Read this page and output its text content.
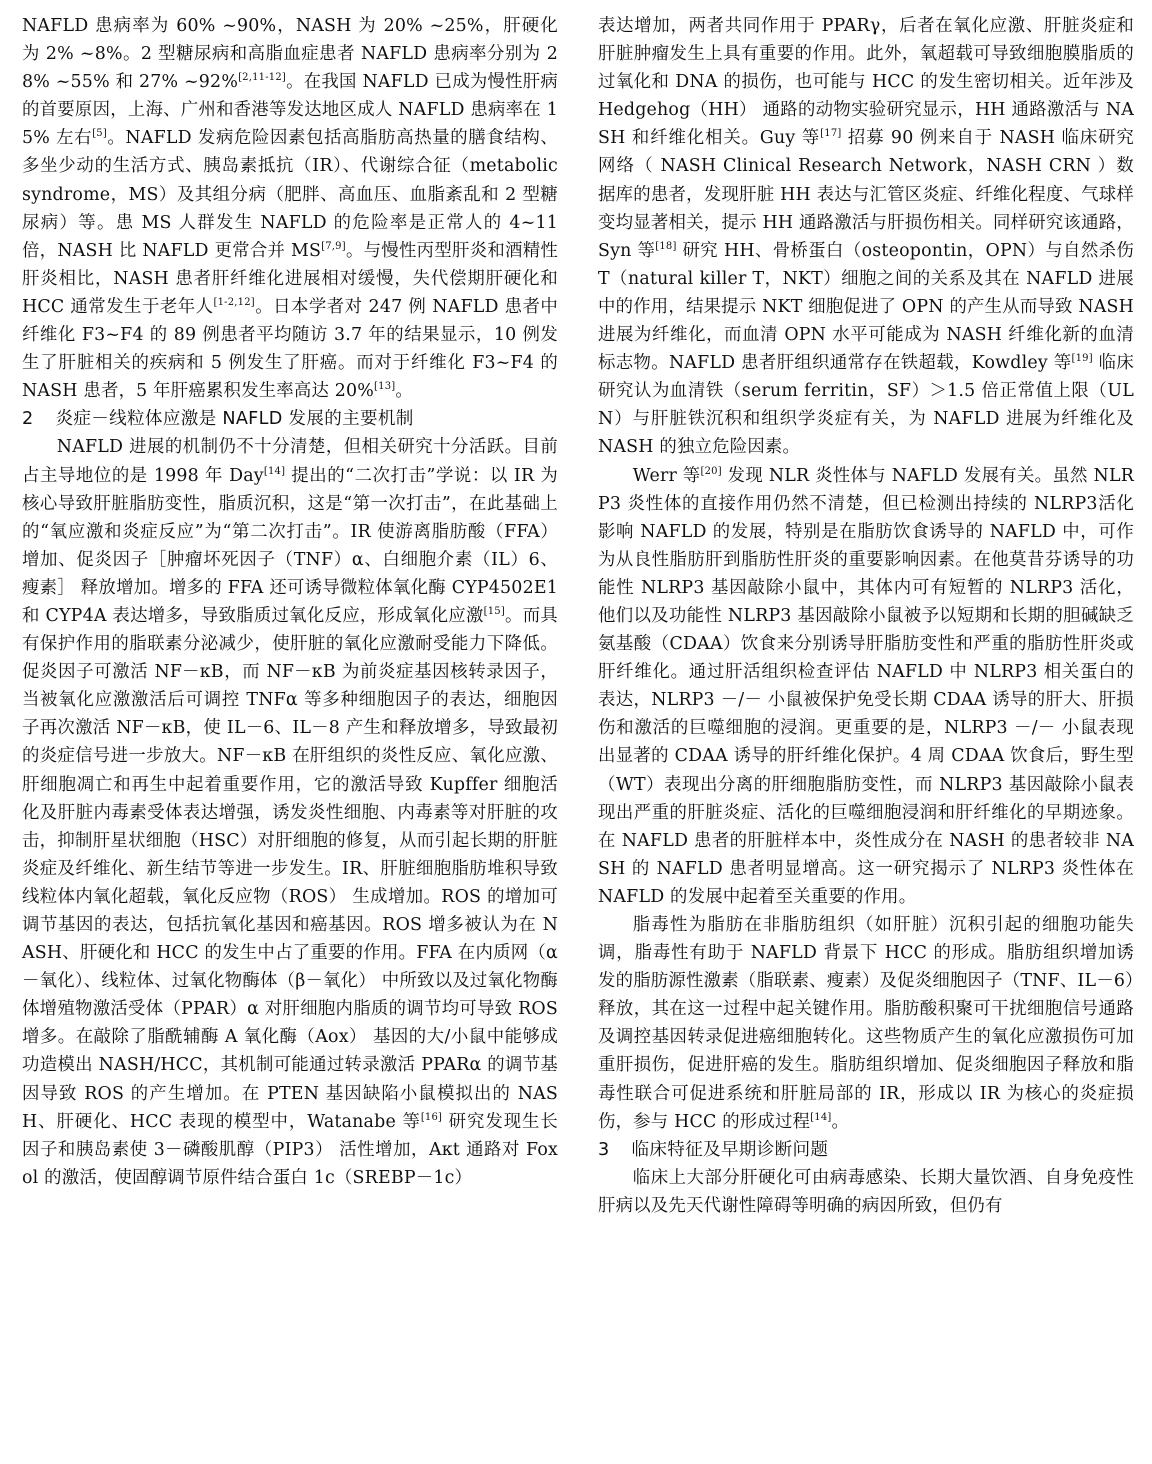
NAFLD 患病率为 60% ~90%，NASH 为 20% ~25%，肝硬化为 2% ~8%。2 型糖尿病和高脂血症患者 NAFLD 患病率分别为 28% ~55% 和 27% ~92%[2,11-12]。在我国 NAFLD 已成为慢性肝病的首要原因，上海、广州和香港等发达地区成人 NAFLD 患病率在 15% 左右[5]。NAFLD 发病危险因素包括高脂肪高热量的膳食结构、多坐少动的生活方式、胰岛素抵抗（IR）、代谢综合征（metabolic syndrome，MS）及其组分病（肥胖、高血压、血脂紊乱和 2 型糖尿病）等。患 MS 人群发生 NAFLD 的危险率是正常人的 4~11 倍，NASH 比 NAFLD 更常合并 MS[7,9]。与慢性丙型肝炎和酒精性肝炎相比，NASH 患者肝纤维化进展相对缓慢，失代偿期肝硬化和 HCC 通常发生于老年人[1-2,12]。日本学者对 247 例 NAFLD 患者中纤维化 F3~F4 的 89 例患者平均随访 3.7 年的结果显示，10 例发生了肝脏相关的疾病和 5 例发生了肝癌。而对于纤维化 F3~F4 的 NASH 患者，5 年肝癌累积发生率高达 20%[13]。

2 炎症－线粒体应激是 NAFLD 发展的主要机制

NAFLD 进展的机制仍不十分清楚，但相关研究十分活跃。目前占主导地位的是 1998 年 Day[14] 提出的“二次打击”学说：以 IR 为核心导致肝脏脂肪变性，脂质沉积，这是“第一次打击”，在此基础上的“氧应激和炎症反应”为“第二次打击”。IR 使游离脂肪酸（FFA） 增加、促炎因子［肿瘤坏死因子（TNF）α、白细胞介素（IL）6、瘦素］ 释放增加。增多的 FFA 还可诱导微粒体氧化酶 CYP4502E1 和 CYP4A 表达增多，导致脂质过氧化反应，形成氧化应激[15]。而具有保护作用的脂联素分泌减少，使肝脏的氧化应激耐受能力下降低。促炎因子可激活 NF－κB，而 NF－κB 为前炎症基因核转录因子，当被氧化应激激活后可调控 TNFα 等多种细胞因子的表达，细胞因子再次激活 NF－κB，使 IL－6、IL－8 产生和释放增多，导致最初的炎症信号进一步放大。NF－κB 在肝组织的炎性反应、氧化应激、肝细胞凋亡和再生中起着重要作用，它的激活导致 Kupffer 细胞活化及肝脏内毒素受体表达增强，诱发炎性细胞、内毒素等对肝脏的攻击，抑制肝星状细胞（HSC）对肝细胞的修复，从而引起长期的肝脏炎症及纤维化、新生结节等进一步发生。IR、肝脏细胞脂肪堆积导致线粒体内氧化超载，氧化反应物（ROS） 生成增加。ROS 的增加可调节基因的表达，包括抗氧化基因和癌基因。ROS 增多被认为在 NASH、肝硬化和 HCC 的发生中占了重要的作用。FFA 在内质网（α－氧化）、线粒体、过氧化物酶体（β－氧化） 中所致以及过氧化物酶体增殖物激活受体（PPAR）α 对肝细胞内脂质的调节均可导致 ROS 增多。在敲除了脂酰辅酶 A 氧化酶（Aox） 基因的大/小鼠中能够成功造模出 NASH/HCC，其机制可能通过转录激活 PPARα 的调节基因导致 ROS 的产生增加。在 PTEN 基因缺陷小鼠模拟出的 NASH、肝硬化、HCC 表现的模型中，Watanabe 等[16] 研究发现生长因子和胰岛素使 3－磷酸肌醇（PIP3） 活性增加，Aκt 通路对 Foxol 的激活，使固醇调节原件结合蛋白 1c（SREBP－1c）

表达增加，两者共同作用于 PPARγ，后者在氧化应激、肝脏炎症和肝脏肿瘤发生上具有重要的作用。此外，氧超载可导致细胞膜脂质的过氧化和 DNA 的损伤，也可能与 HCC 的发生密切相关。近年涉及 Hedgehog（HH） 通路的动物实验研究显示，HH 通路激活与 NASH 和纤维化相关。Guy 等[17] 招募 90 例来自于 NASH 临床研究网络（ NASH Clinical Research Network，NASH CRN ）数据库的患者，发现肝脏 HH 表达与汇管区炎症、纤维化程度、气球样变均显著相关，提示 HH 通路激活与肝损伤相关。同样研究该通路，Syn 等[18] 研究 HH、骨桥蛋白（osteopontin，OPN）与自然杀伤 T（natural killer T，NKT）细胞之间的关系及其在 NAFLD 进展中的作用，结果提示 NKT 细胞促进了 OPN 的产生从而导致 NASH 进展为纤维化，而血清 OPN 水平可能成为 NASH 纤维化新的血清标志物。NAFLD 患者肝组织通常存在铁超载，Kowdley 等[19] 临床研究认为血清铁（serum ferritin，SF）＞1.5 倍正常值上限（ULN）与肝脏铁沉积和组织学炎症有关，为 NAFLD 进展为纤维化及 NASH 的独立危险因素。

Werr 等[20] 发现 NLR 炎性体与 NAFLD 发展有关。虽然 NLRP3 炎性体的直接作用仍然不清楚，但已检测出持续的 NLRP3活化影响 NAFLD 的发展，特别是在脂肪饮食诱导的 NAFLD 中，可作为从良性脂肪肝到脂肪性肝炎的重要影响因素。在他莫昔芬诱导的功能性 NLRP3 基因敲除小鼠中，其体内可有短暂的 NLRP3 活化，他们以及功能性 NLRP3 基因敲除小鼠被予以短期和长期的胆碱缺乏氨基酸（CDAA）饮食来分别诱导肝脂肪变性和严重的脂肪性肝炎或肝纤维化。通过肝活组织检查评估 NAFLD 中 NLRP3 相关蛋白的表达，NLRP3 －/－ 小鼠被保护免受长期 CDAA 诱导的肝大、肝损伤和激活的巨噬细胞的浸润。更重要的是，NLRP3 －/－ 小鼠表现出显著的 CDAA 诱导的肝纤维化保护。4 周 CDAA 饮食后，野生型（WT）表现出分离的肝细胞脂肪变性，而 NLRP3 基因敲除小鼠表现出严重的肝脏炎症、活化的巨噬细胞浸润和肝纤维化的早期迹象。在 NAFLD 患者的肝脏样本中，炎性成分在 NASH 的患者较非 NASH 的 NAFLD 患者明显增高。这一研究揭示了 NLRP3 炎性体在 NAFLD 的发展中起着至关重要的作用。

脂毒性为脂肪在非脂肪组织（如肝脏）沉积引起的细胞功能失调，脂毒性有助于 NAFLD 背景下 HCC 的形成。脂肪组织增加诱发的脂肪源性激素（脂联素、瘦素）及促炎细胞因子（TNF、IL－6）释放，其在这一过程中起关键作用。脂肪酸积聚可干扰细胞信号通路及调控基因转录促进癌细胞转化。这些物质产生的氧化应激损伤可加重肝损伤，促进肝癌的发生。脂肪组织增加、促炎细胞因子释放和脂毒性联合可促进系统和肝脏局部的 IR，形成以 IR 为核心的炎症损伤，参与 HCC 的形成过程[14]。

3 临床特征及早期诊断问题

临床上大部分肝硬化可由病毒感染、长期大量饮酒、自身免疫性肝病以及先天代谢性障碍等明确的病因所致，但仍有
